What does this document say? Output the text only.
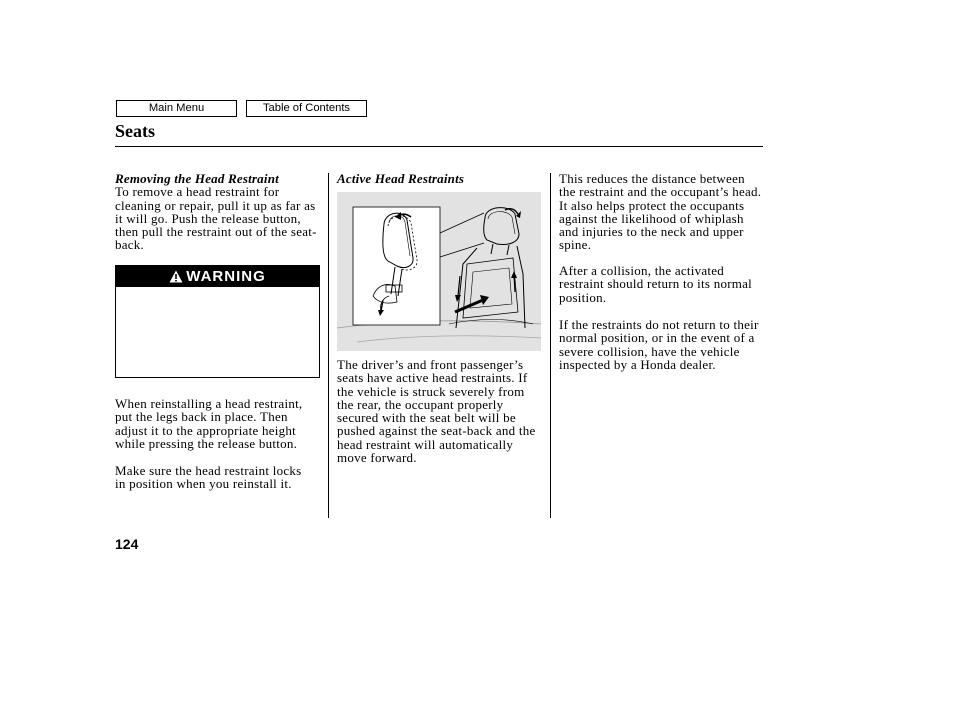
Main Menu	Table of Contents
Seats
Removing the Head Restraint
To remove a head restraint for
cleaning or repair, pull it up as far as
it will go. Push the release button,
then pull the restraint out of the seat-
back.
WARNING
When reinstalling a head restraint,
put the legs back in place. Then
adjust it to the appropriate height
while pressing the release button.
Make sure the head restraint locks
in position when you reinstall it.
Active Head Restraints
The driver’s and front passenger’s
seats have active head restraints. If
the vehicle is struck severely from
the rear, the occupant properly
secured with the seat belt will be
pushed against the seat-back and the
head restraint will automatically
move forward.
This reduces the distance between
the restraint and the occupant’s head.
It also helps protect the occupants
against the likelihood of whiplash
and injuries to the neck and upper
spine.
After a collision, the activated
restraint should return to its normal
position.
If the restraints do not return to their
normal position, or in the event of a
severe collision, have the vehicle
inspected by a Honda dealer.
124
